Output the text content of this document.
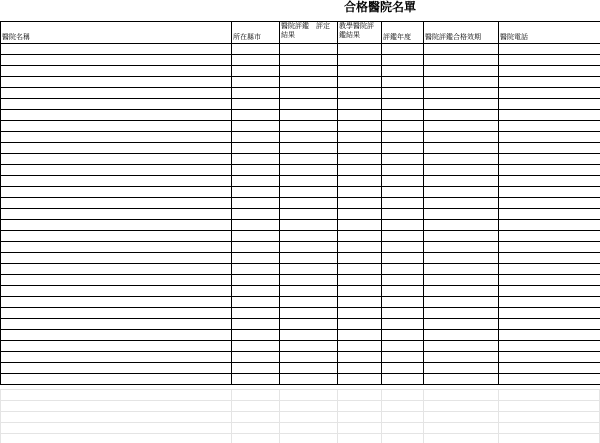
合格醫院名單
醫院名稱	所在縣市	醫院評鑑　評定結果	教學醫院評鑑結果	評鑑年度	醫院評鑑合格效期	醫院電話
